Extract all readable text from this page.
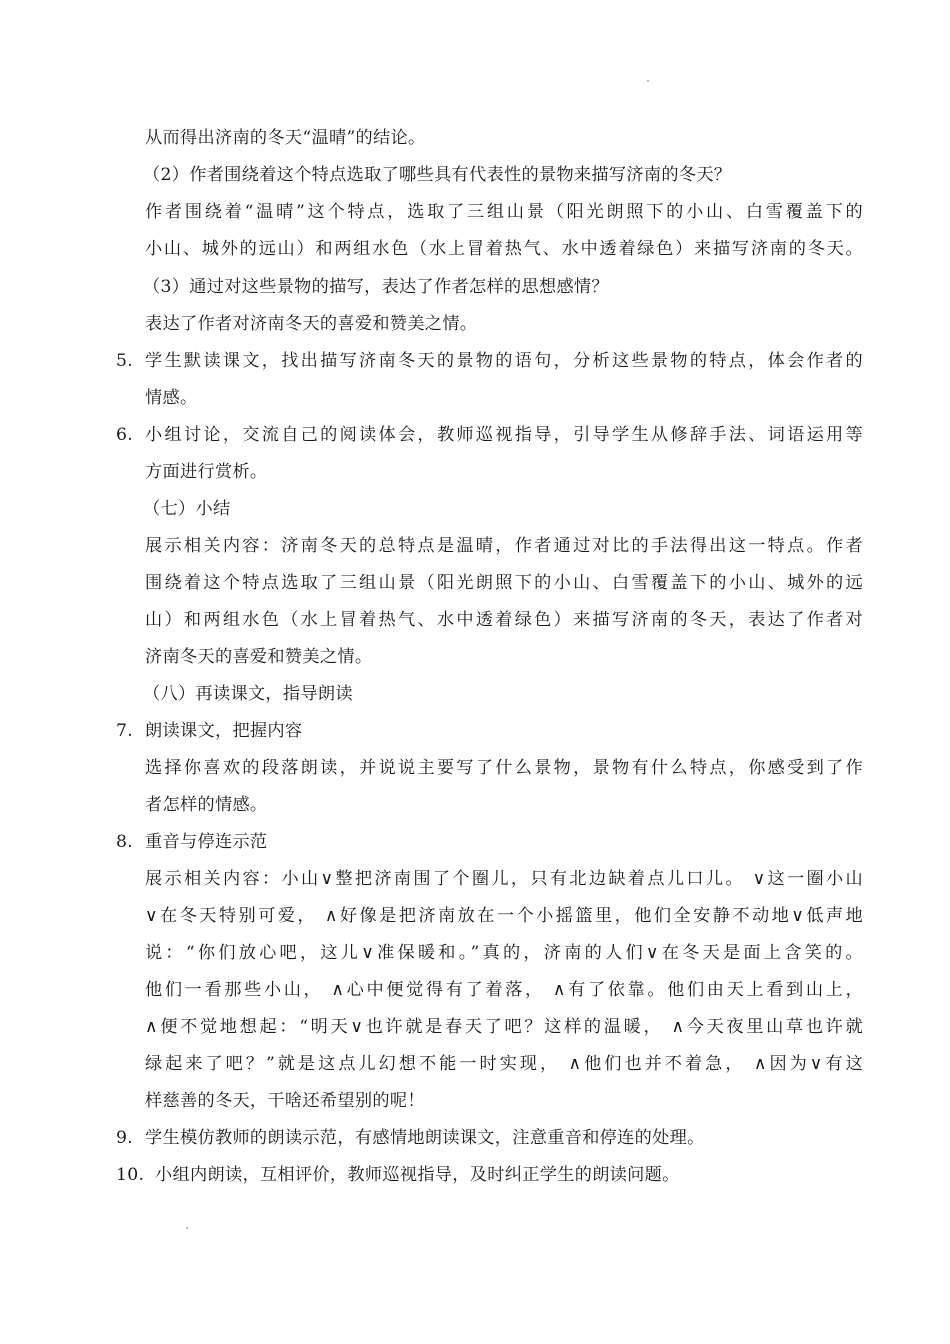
从而得出济南的冬天“温晴”的结论。
（2）作者围绕着这个特点选取了哪些具有代表性的景物来描写济南的冬天？
作者围绕着“温晴”这个特点，选取了三组山景（阳光朗照下的小山、白雪覆盖下的
小山、城外的远山）和两组水色（水上冒着热气、水中透着绿色）来描写济南的冬天。
（3）通过对这些景物的描写，表达了作者怎样的思想感情？
表达了作者对济南冬天的喜爱和赞美之情。
5. 学生默读课文，找出描写济南冬天的景物的语句，分析这些景物的特点，体会作者的
情感。
6. 小组讨论，交流自己的阅读体会，教师巡视指导，引导学生从修辞手法、词语运用等
方面进行赏析。
（七）小结
展示相关内容：济南冬天的总特点是温晴，作者通过对比的手法得出这一特点。作者
围绕着这个特点选取了三组山景（阳光朗照下的小山、白雪覆盖下的小山、城外的远
山）和两组水色（水上冒着热气、水中透着绿色）来描写济南的冬天，表达了作者对
济南冬天的喜爱和赞美之情。
（八）再读课文，指导朗读
7. 朗读课文，把握内容
选择你喜欢的段落朗读，并说说主要写了什么景物，景物有什么特点，你感受到了作
者怎样的情感。
8. 重音与停连示范
展示相关内容：小山∨整把济南围了个圈儿，只有北边缺着点儿口儿。 ∨这一圈小山
∨在冬天特别可爱， ∧好像是把济南放在一个小摇篮里，他们全安静不动地∨低声地
说：“你们放心吧，这儿∨准保暖和。”真的，济南的人们∨在冬天是面上含笑的。
他们一看那些小山， ∧心中便觉得有了着落， ∧有了依靠。他们由天上看到山上，
∧便不觉地想起：“明天∨也许就是春天了吧？这样的温暖， ∧今天夜里山草也许就
绿起来了吧？”就是这点儿幻想不能一时实现， ∧他们也并不着急， ∧因为∨有这
样慈善的冬天，干啥还希望别的呢！
9. 学生模仿教师的朗读示范，有感情地朗读课文，注意重音和停连的处理。
10. 小组内朗读，互相评价，教师巡视指导，及时纠正学生的朗读问题。
